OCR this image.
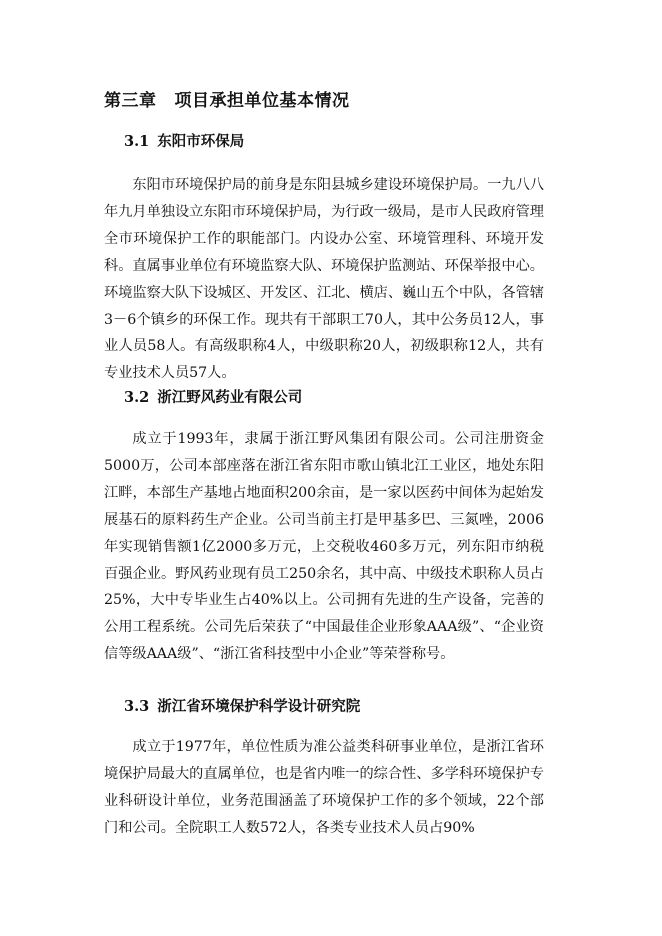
第三章 项目承担单位基本情况
3.1 东阳市环保局

东阳市环境保护局的前身是东阳县城乡建设环境保护局。一九八八年九月单独设立东阳市环境保护局，为行政一级局，是市人民政府管理全市环境保护工作的职能部门。内设办公室、环境管理科、环境开发科。直属事业单位有环境监察大队、环境保护监测站、环保举报中心。环境监察大队下设城区、开发区、江北、横店、巍山五个中队，各管辖3－6个镇乡的环保工作。现共有干部职工70人，其中公务员12人，事业人员58人。有高级职称4人，中级职称20人，初级职称12人，共有专业技术人员57人。

3.2 浙江野风药业有限公司

成立于1993年，隶属于浙江野风集团有限公司。公司注册资金5000万，公司本部座落在浙江省东阳市歌山镇北江工业区，地处东阳江畔，本部生产基地占地面积200余亩，是一家以医药中间体为起始发展基石的原料药生产企业。公司当前主打是甲基多巴、三氮唑，2006年实现销售额1亿2000多万元，上交税收460多万元，列东阳市纳税百强企业。野风药业现有员工250余名，其中高、中级技术职称人员占25%，大中专毕业生占40%以上。公司拥有先进的生产设备，完善的公用工程系统。公司先后荣获了“中国最佳企业形象AAA级”、“企业资信等级AAA级”、“浙江省科技型中小企业”等荣誉称号。

3.3 浙江省环境保护科学设计研究院

成立于1977年，单位性质为准公益类科研事业单位，是浙江省环境保护局最大的直属单位，也是省内唯一的综合性、多学科环境保护专业科研设计单位，业务范围涵盖了环境保护工作的多个领域，22个部门和公司。全院职工人数572人，各类专业技术人员占90%
